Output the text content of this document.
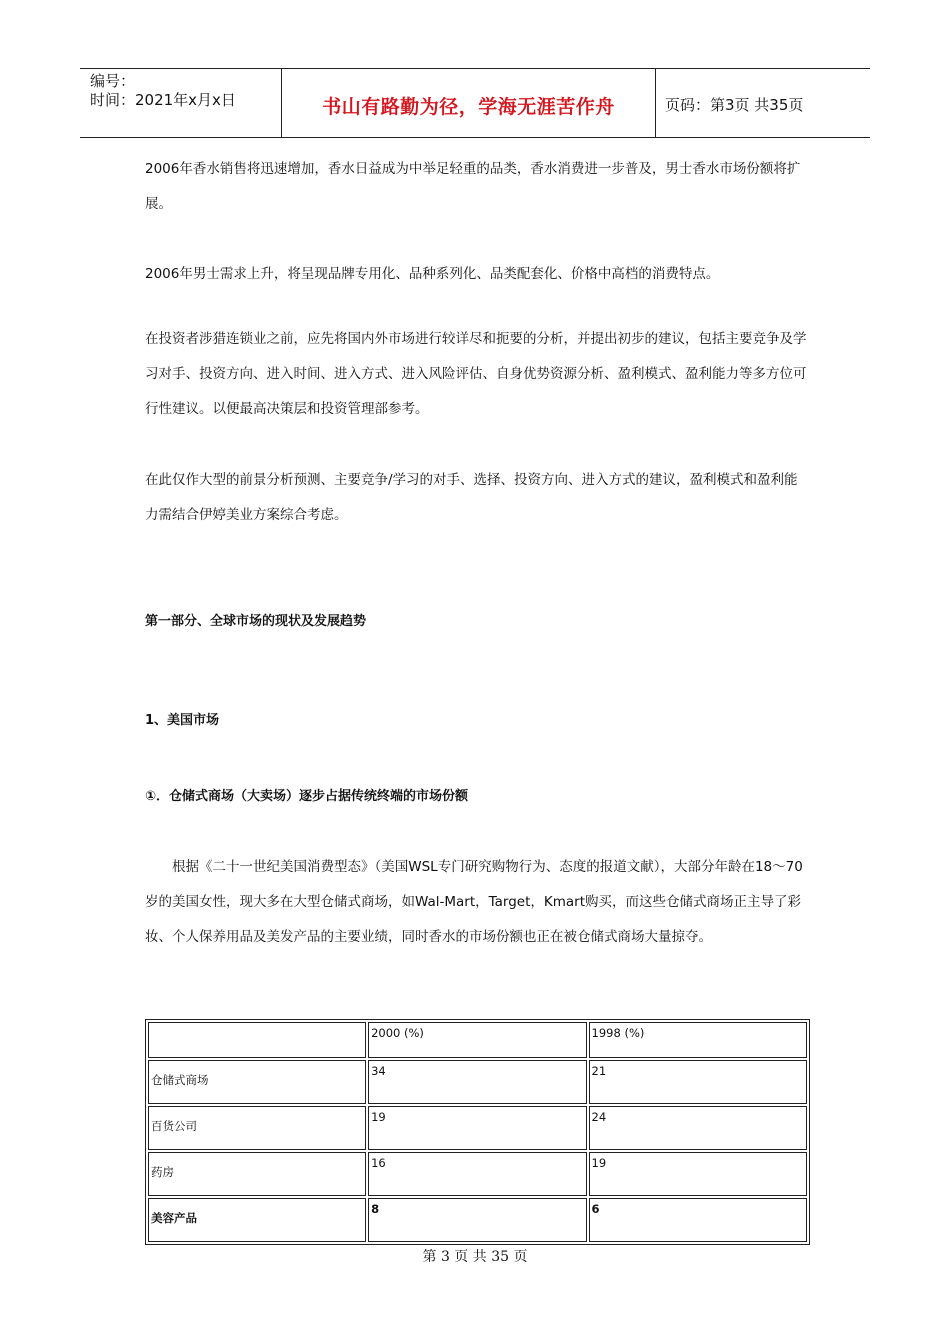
编号：
时间：2021年x月x日	书山有路勤为径，学海无涯苦作舟	页码：第3页 共35页

2006年香水销售将迅速增加，香水日益成为中举足轻重的品类，香水消费进一步普及，男士香水市场份额将扩展。

2006年男士需求上升，将呈现品牌专用化、品种系列化、品类配套化、价格中高档的消费特点。

在投资者涉猎连锁业之前，应先将国内外市场进行较详尽和扼要的分析，并提出初步的建议，包括主要竞争及学习对手、投资方向、进入时间、进入方式、进入风险评估、自身优势资源分析、盈利模式、盈利能力等多方位可行性建议。以便最高决策层和投资管理部参考。

在此仅作大型的前景分析预测、主要竞争/学习的对手、选择、投资方向、进入方式的建议，盈利模式和盈利能力需结合伊婷美业方案综合考虑。

第一部分、全球市场的现状及发展趋势
1、美国市场
①．仓储式商场（大卖场）逐步占据传统终端的市场份额

根据《二十一世纪美国消费型态》（美国WSL专门研究购物行为、态度的报道文献），大部分年龄在18～70岁的美国女性，现大多在大型仓储式商场，如Wal-Mart，Target，Kmart购买，而这些仓储式商场正主导了彩妆、个人保养用品及美发产品的主要业绩，同时香水的市场份额也正在被仓储式商场大量掠夺。

	2000 (%)	1998 (%)
仓储式商场	34	21
百货公司	19	24
药房	16	19
美容产品	8	6
第 3 页 共 35 页
